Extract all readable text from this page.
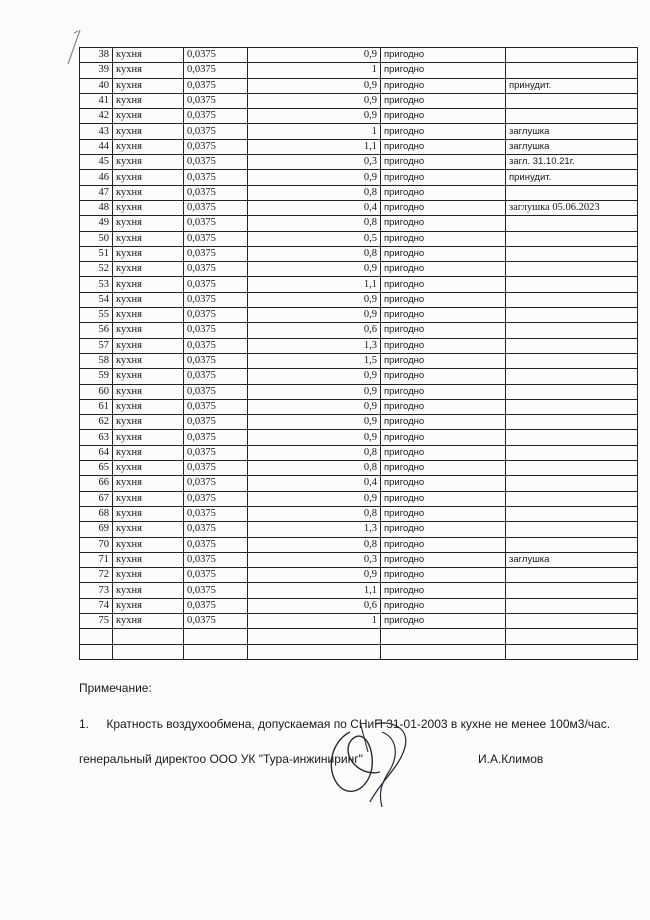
38	кухня	0,0375	0,9	пригодно	
39	кухня	0,0375	1	пригодно	
40	кухня	0,0375	0,9	пригодно	принудит.
41	кухня	0,0375	0,9	пригодно	
42	кухня	0,0375	0,9	пригодно	
43	кухня	0,0375	1	пригодно	заглушка
44	кухня	0,0375	1,1	пригодно	заглушка
45	кухня	0,0375	0,3	пригодно	загл. 31.10.21г.
46	кухня	0,0375	0,9	пригодно	принудит.
47	кухня	0,0375	0,8	пригодно	
48	кухня	0,0375	0,4	пригодно	заглушка 05.06.2023
49	кухня	0,0375	0,8	пригодно	
50	кухня	0,0375	0,5	пригодно	
51	кухня	0,0375	0,8	пригодно	
52	кухня	0,0375	0,9	пригодно	
53	кухня	0,0375	1,1	пригодно	
54	кухня	0,0375	0,9	пригодно	
55	кухня	0,0375	0,9	пригодно	
56	кухня	0,0375	0,6	пригодно	
57	кухня	0,0375	1,3	пригодно	
58	кухня	0,0375	1,5	пригодно	
59	кухня	0,0375	0,9	пригодно	
60	кухня	0,0375	0,9	пригодно	
61	кухня	0,0375	0,9	пригодно	
62	кухня	0,0375	0,9	пригодно	
63	кухня	0,0375	0,9	пригодно	
64	кухня	0,0375	0,8	пригодно	
65	кухня	0,0375	0,8	пригодно	
66	кухня	0,0375	0,4	пригодно	
67	кухня	0,0375	0,9	пригодно	
68	кухня	0,0375	0,8	пригодно	
69	кухня	0,0375	1,3	пригодно	
70	кухня	0,0375	0,8	пригодно	
71	кухня	0,0375	0,3	пригодно	заглушка
72	кухня	0,0375	0,9	пригодно	
73	кухня	0,0375	1,1	пригодно	
74	кухня	0,0375	0,6	пригодно	
75	кухня	0,0375	1	пригодно	

Примечание:
1. Кратность воздухообмена, допускаемая по СНиП 31-01-2003 в кухне не менее 100м3/час.
генеральный директоо ООО УК "Тура-инжиниринг"	И.А.Климов
